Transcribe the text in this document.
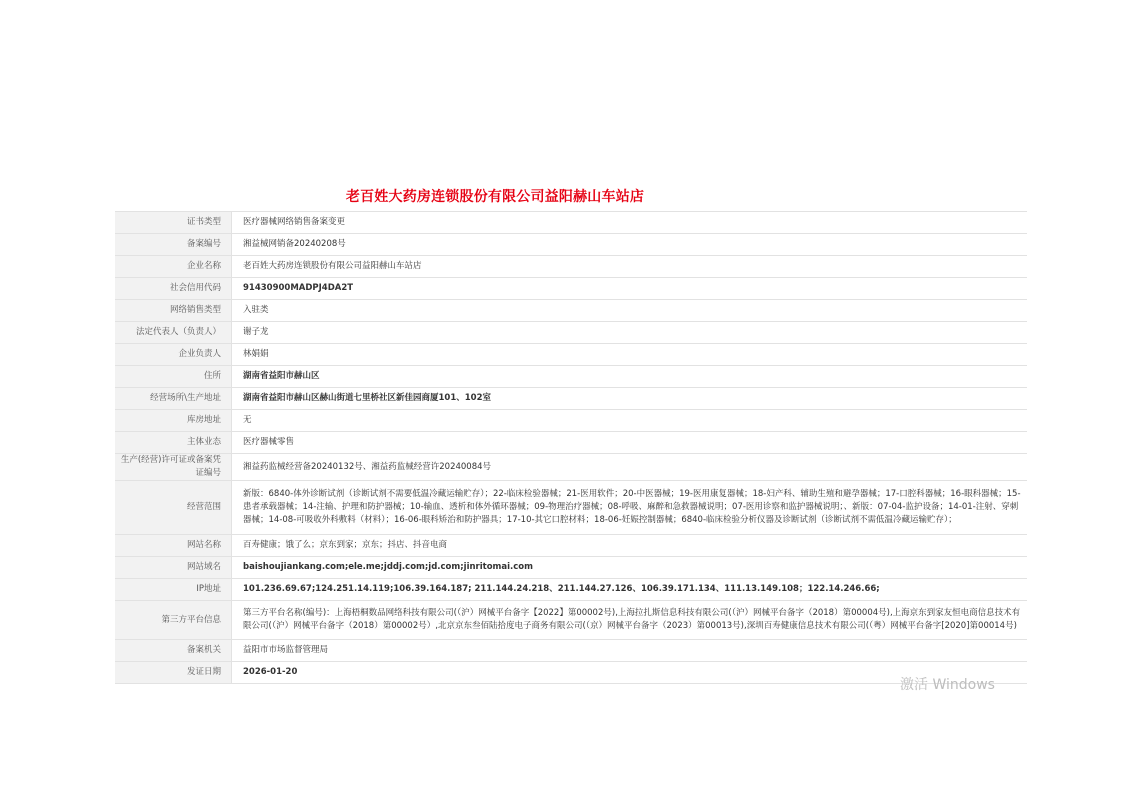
老百姓大药房连锁股份有限公司益阳赫山车站店
证书类型	医疗器械网络销售备案变更
备案编号	湘益械网销备20240208号
企业名称	老百姓大药房连锁股份有限公司益阳赫山车站店
社会信用代码	91430900MADPJ4DA2T
网络销售类型	入驻类
法定代表人（负责人）	谢子龙
企业负责人	林娟娟
住所	湖南省益阳市赫山区
经营场所\生产地址	湖南省益阳市赫山区赫山街道七里桥社区新佳园商厦101、102室
库房地址	无
主体业态	医疗器械零售
生产(经营)许可证或备案凭证编号	湘益药监械经营备20240132号、湘益药监械经营许20240084号
经营范围	新版：6840-体外诊断试剂（诊断试剂不需要低温冷藏运输贮存）；22-临床检验器械；21-医用软件；20-中医器械；19-医用康复器械；18-妇产科、辅助生殖和避孕器械；17-口腔科器械；16-眼科器械；15-患者承载器械；14-注输、护理和防护器械；10-输血、透析和体外循环器械；09-物理治疗器械；08-呼吸、麻醉和急救器械说明；07-医用诊察和监护器械说明；、新版：07-04-监护设备；14-01-注射、穿刺器械；14-08-可吸收外科敷料（材料）；16-06-眼科矫治和防护器具；17-10-其它口腔材料；18-06-妊娠控制器械；6840-临床检验分析仪器及诊断试剂（诊断试剂不需低温冷藏运输贮存）；
网站名称	百寿健康；饿了么；京东到家；京东；抖店、抖音电商
网站域名	baishoujiankang.com;ele.me;jddj.com;jd.com;jinritomai.com
IP地址	101.236.69.67;124.251.14.119;106.39.164.187; 211.144.24.218、211.144.27.126、106.39.171.134、111.13.149.108；122.14.246.66;
第三方平台信息	第三方平台名称(编号)：上海梧桐数品网络科技有限公司(（沪）网械平台备字【2022】第00002号),上海拉扎斯信息科技有限公司(（沪）网械平台备字（2018）第00004号),上海京东到家友恒电商信息技术有限公司(（沪）网械平台备字（2018）第00002号）,北京京东叁佰陆拾度电子商务有限公司(（京）网械平台备字（2023）第00013号),深圳百寿健康信息技术有限公司(（粤）网械平台备字[2020]第00014号)
备案机关	益阳市市场监督管理局
发证日期	2026-01-20
激活 Windows
